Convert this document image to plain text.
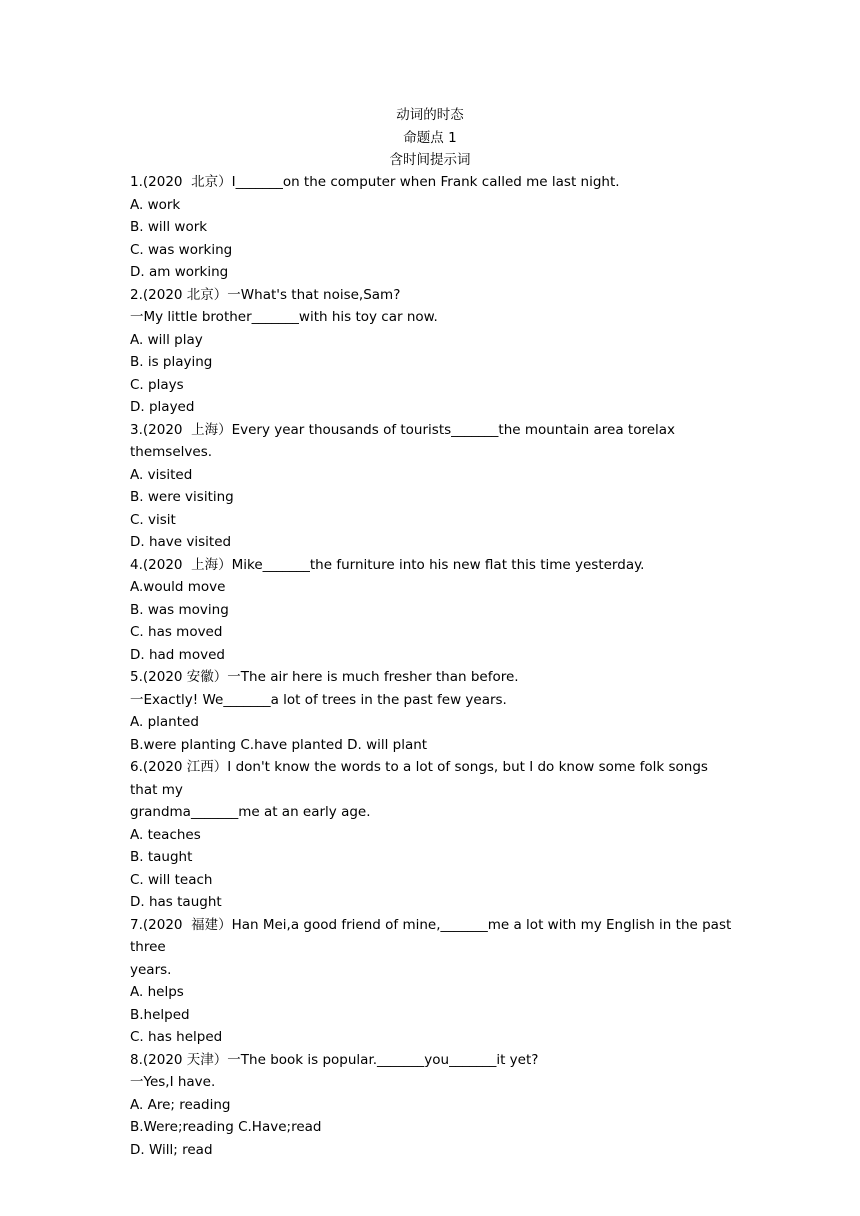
动词的时态
命题点 1
含时间提示词
1.(2020  北京）I_______on the computer when Frank called me last night.
A. work
B. will work
C. was working
D. am working
2.(2020 北京）一What's that noise,Sam?
一My little brother_______with his toy car now.
A. will play
B. is playing
C. plays
D. played
3.(2020  上海）Every year thousands of tourists_______the mountain area torelax themselves.
A. visited
B. were visiting
C. visit
D. have visited
4.(2020  上海）Mike_______the furniture into his new flat this time yesterday.
A.would move
B. was moving
C. has moved
D. had moved
5.(2020 安徽）一The air here is much fresher than before.
一Exactly! We_______a lot of trees in the past few years.
A. planted
B.were planting C.have planted D. will plant
6.(2020 江西）I don't know the words to a lot of songs, but I do know some folk songs that my
grandma_______me at an early age.
A. teaches
B. taught
C. will teach
D. has taught
7.(2020  福建）Han Mei,a good friend of mine,_______me a lot with my English in the past three
years.
A. helps
B.helped
C. has helped
8.(2020 天津）一The book is popular._______you_______it yet?
一Yes,I have.
A. Are; reading
B.Were;reading C.Have;read
D. Will; read
